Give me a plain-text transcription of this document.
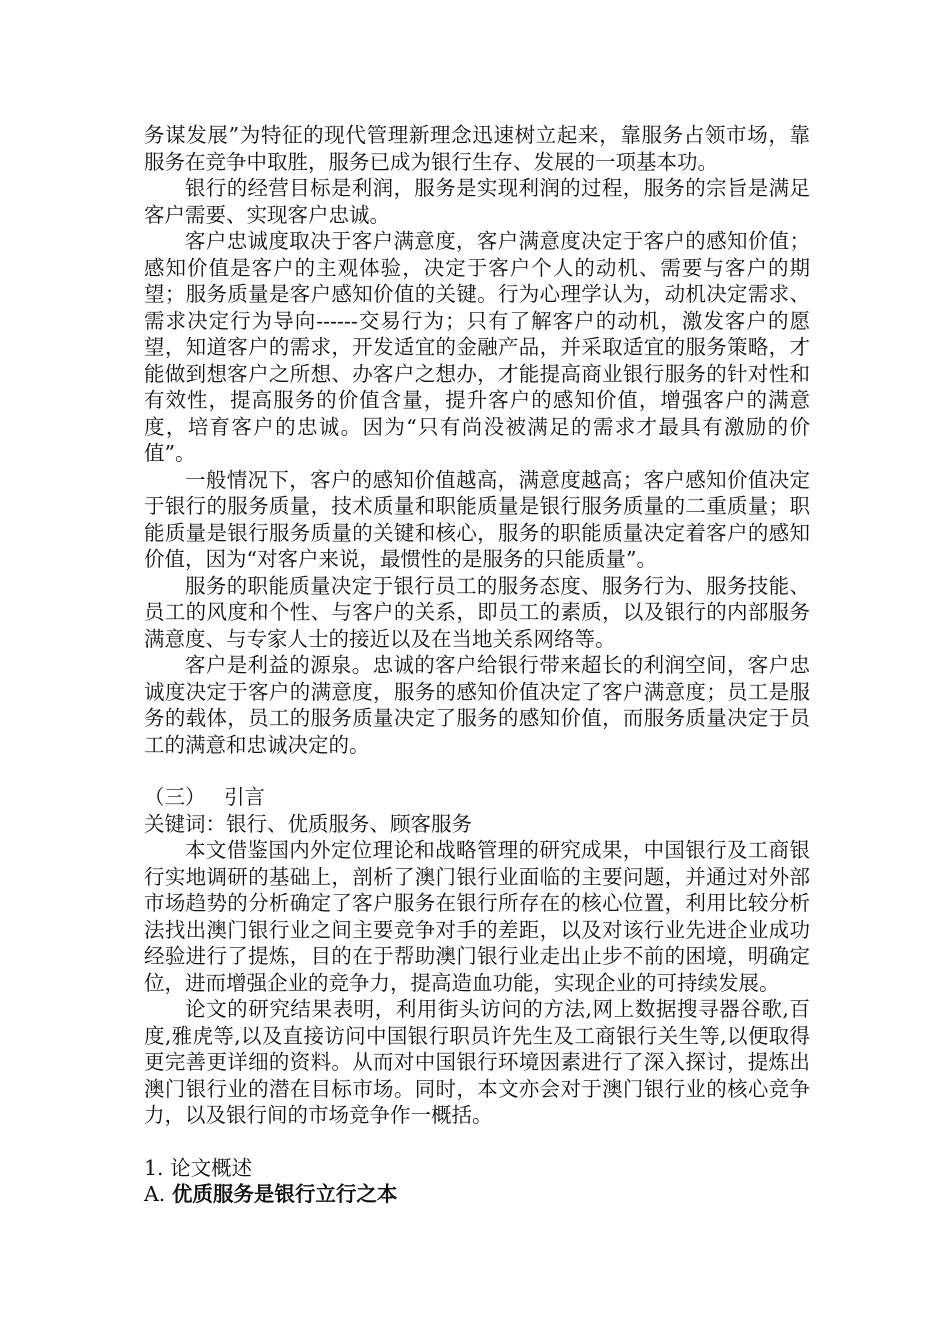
务谋发展”为特征的现代管理新理念迅速树立起来，靠服务占领市场，靠服务在竞争中取胜，服务已成为银行生存、发展的一项基本功。

银行的经营目标是利润，服务是实现利润的过程，服务的宗旨是满足客户需要、实现客户忠诚。

客户忠诚度取决于客户满意度，客户满意度决定于客户的感知价值；感知价值是客户的主观体验，决定于客户个人的动机、需要与客户的期望；服务质量是客户感知价值的关键。行为心理学认为，动机决定需求、需求决定行为导向------交易行为；只有了解客户的动机，激发客户的愿望，知道客户的需求，开发适宜的金融产品，并采取适宜的服务策略，才能做到想客户之所想、办客户之想办，才能提高商业银行服务的针对性和有效性，提高服务的价值含量，提升客户的感知价值，增强客户的满意度，培育客户的忠诚。因为“只有尚没被满足的需求才最具有激励的价值”。

一般情况下，客户的感知价值越高，满意度越高；客户感知价值决定于银行的服务质量，技术质量和职能质量是银行服务质量的二重质量；职能质量是银行服务质量的关键和核心，服务的职能质量决定着客户的感知价值，因为“对客户来说，最惯性的是服务的只能质量”。

服务的职能质量决定于银行员工的服务态度、服务行为、服务技能、员工的风度和个性、与客户的关系，即员工的素质，以及银行的内部服务满意度、与专家人士的接近以及在当地关系网络等。

客户是利益的源泉。忠诚的客户给银行带来超长的利润空间，客户忠诚度决定于客户的满意度，服务的感知价值决定了客户满意度；员工是服务的载体，员工的服务质量决定了服务的感知价值，而服务质量决定于员工的满意和忠诚决定的。

（三） 引言

关键词：银行、优质服务、顾客服务

本文借鉴国内外定位理论和战略管理的研究成果，中国银行及工商银行实地调研的基础上，剖析了澳门银行业面临的主要问题，并通过对外部市场趋势的分析确定了客户服务在银行所存在的核心位置，利用比较分析法找出澳门银行业之间主要竞争对手的差距，以及对该行业先进企业成功经验进行了提炼，目的在于帮助澳门银行业走出止步不前的困境，明确定位，进而增强企业的竞争力，提高造血功能，实现企业的可持续发展。

论文的研究结果表明，利用街头访问的方法,网上数据搜寻器谷歌,百度,雅虎等,以及直接访问中国银行职员许先生及工商银行关生等,以便取得更完善更详细的资料。从而对中国银行环境因素进行了深入探讨，提炼出澳门银行业的潜在目标市场。同时，本文亦会对于澳门银行业的核心竞争力，以及银行间的市场竞争作一概括。

1. 论文概述

A. 优质服务是银行立行之本
